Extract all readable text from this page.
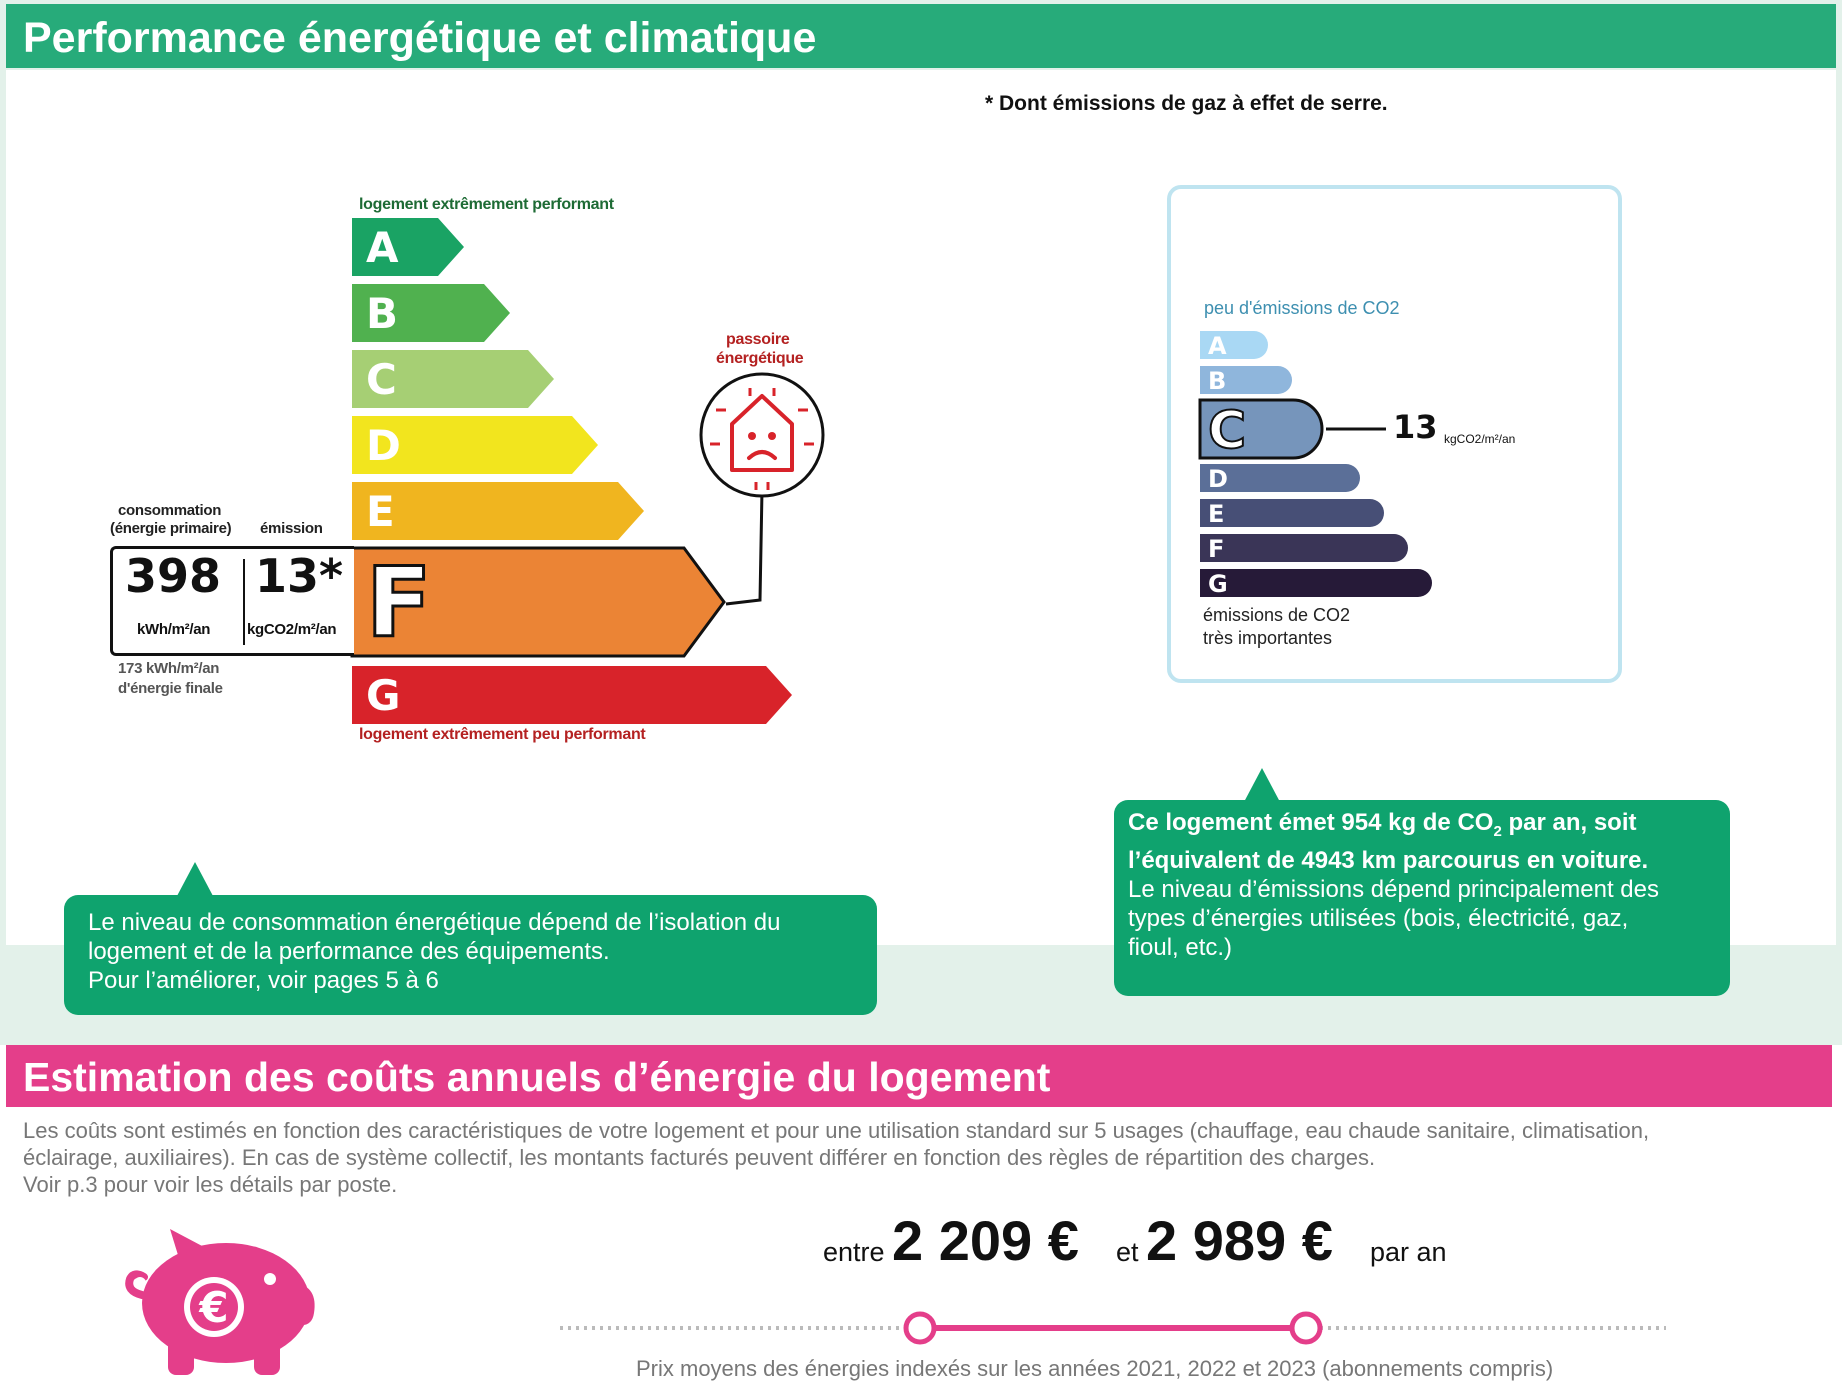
Performance énergétique et climatique
* Dont émissions de gaz à effet de serre.
logement extrêmement performant
A
B
C
D
E
F
G
logement extrêmement peu performant
consommation
(énergie primaire) émission
398
kWh/m²/an
13*
kgCO2/m²/an
173 kWh/m²/an
d'énergie finale
passoire
énergétique
peu d'émissions de CO2
A
B
C
D
E
F
G
13 kgCO2/m²/an
émissions de CO2
très importantes
Le niveau de consommation énergétique dépend de l’isolation du
logement et de la performance des équipements.
Pour l’améliorer, voir pages 5 à 6
Ce logement émet 954 kg de $CO_2$ par an, soit
l’équivalent de 4943 km parcourus en voiture.
Le niveau d’émissions dépend principalement des
types d’énergies utilisées (bois, électricité, gaz,
fioul, etc.)
Estimation des coûts annuels d’énergie du logement
Les coûts sont estimés en fonction des caractéristiques de votre logement et pour une utilisation standard sur 5 usages (chauffage, eau chaude sanitaire, climatisation,
éclairage, auxiliaires). En cas de système collectif, les montants facturés peuvent différer en fonction des règles de répartition des charges.
Voir p.3 pour voir les détails par poste.
€
entre 2 209 € et 2 989 € par an
Prix moyens des énergies indexés sur les années 2021, 2022 et 2023 (abonnements compris)
